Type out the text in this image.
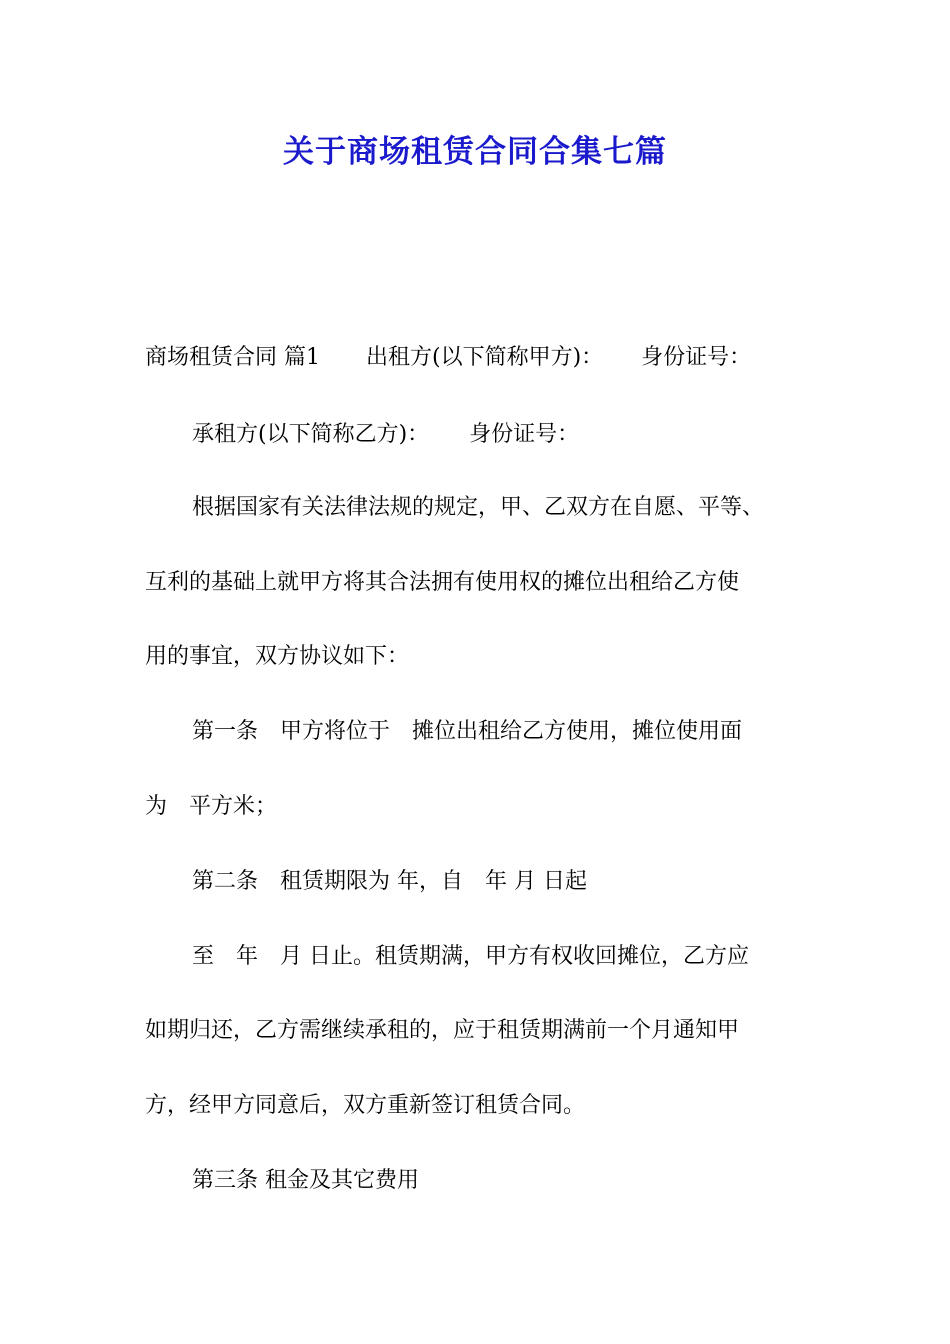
关于商场租赁合同合集七篇
商场租赁合同 篇1 出租方(以下简称甲方)： 身份证号：
承租方(以下简称乙方)： 身份证号：
根据国家有关法律法规的规定，甲、乙双方在自愿、平等、
互利的基础上就甲方将其合法拥有使用权的摊位出租给乙方使
用的事宜，双方协议如下：
第一条　甲方将位于　摊位出租给乙方使用，摊位使用面
为　平方米；
第二条　租赁期限为 年，自　年 月 日起
至　年　月 日止。租赁期满，甲方有权收回摊位，乙方应
如期归还，乙方需继续承租的，应于租赁期满前一个月通知甲
方，经甲方同意后，双方重新签订租赁合同。
第三条 租金及其它费用
